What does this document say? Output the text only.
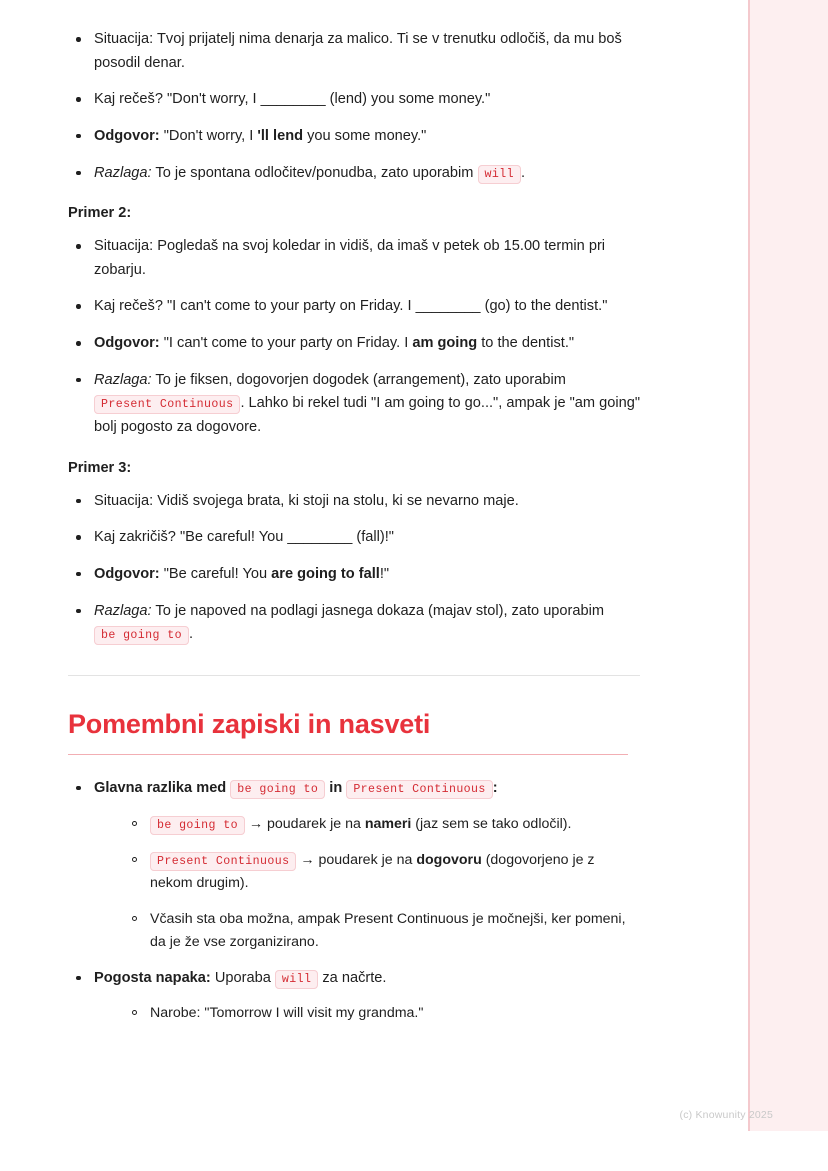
Situacija: Tvoj prijatelj nima denarja za malico. Ti se v trenutku odločiš, da mu boš posodil denar.
Kaj rečeš? "Don't worry, I ________ (lend) you some money."
Odgovor: "Don't worry, I 'll lend you some money."
Razlaga: To je spontana odločitev/ponudba, zato uporabim will .
Primer 2:
Situacija: Pogledaš na svoj koledar in vidiš, da imaš v petek ob 15.00 termin pri zobarju.
Kaj rečeš? "I can't come to your party on Friday. I ________ (go) to the dentist."
Odgovor: "I can't come to your party on Friday. I am going to the dentist."
Razlaga: To je fiksen, dogovorjen dogodek (arrangement), zato uporabim Present Continuous . Lahko bi rekel tudi "I am going to go...", ampak je "am going" bolj pogosto za dogovore.
Primer 3:
Situacija: Vidiš svojega brata, ki stoji na stolu, ki se nevarno maje.
Kaj zakričiš? "Be careful! You ________ (fall)!"
Odgovor: "Be careful! You are going to fall!"
Razlaga: To je napoved na podlagi jasnega dokaza (majav stol), zato uporabim be going to .
Pomembni zapiski in nasveti
Glavna razlika med be going to in Present Continuous :
be going to → poudarek je na nameri (jaz sem se tako odločil).
Present Continuous → poudarek je na dogovoru (dogovorjeno je z nekom drugim).
Včasih sta oba možna, ampak Present Continuous je močnejši, ker pomeni, da je že vse zorganizirano.
Pogosta napaka: Uporaba will za načrte.
Narobe: "Tomorrow I will visit my grandma."
(c) Knowunity 2025
